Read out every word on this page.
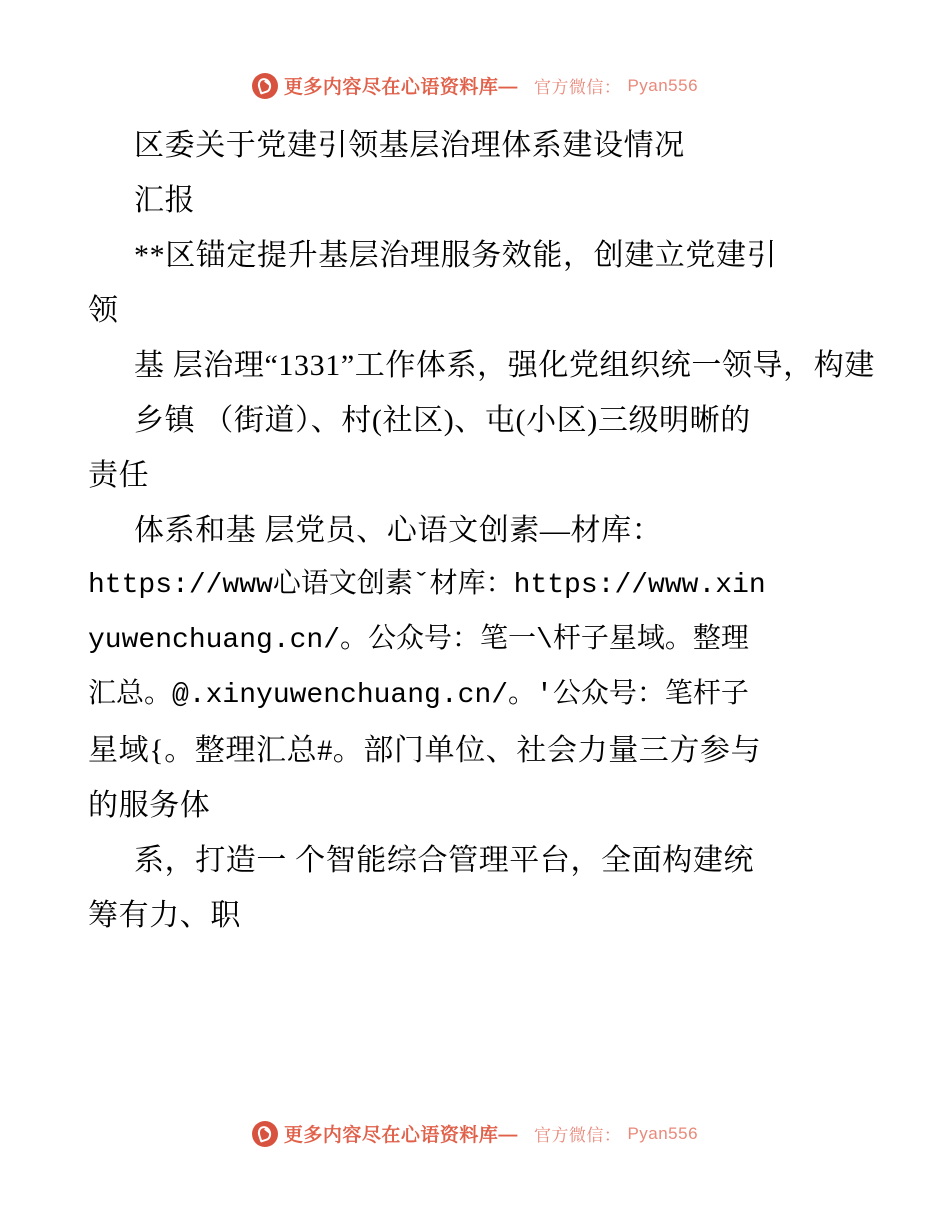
更多内容尽在心语资料库— 官方微信： Pyan556
区委关于党建引领基层治理体系建设情况
汇报
**区锚定提升基层治理服务效能，创建立党建引
领
基 层治理“1331”工作体系，强化党组织统一领导，构建
乡镇 （街道）、村(社区)、屯(小区)三级明晰的
责任
体系和基 层党员、心语文创素—材库：
https://www心语文创素ˇ材库：https://www.xin
yuwenchuang.cn/。公众号：笔一\杆子星域。整理
汇总。@.xinyuwenchuang.cn/。′公众号：笔杆子
星域{。整理汇总#。部门单位、社会力量三方参与
的服务体
系，打造一 个智能综合管理平台，全面构建统
筹有力、职
更多内容尽在心语资料库— 官方微信： Pyan556
